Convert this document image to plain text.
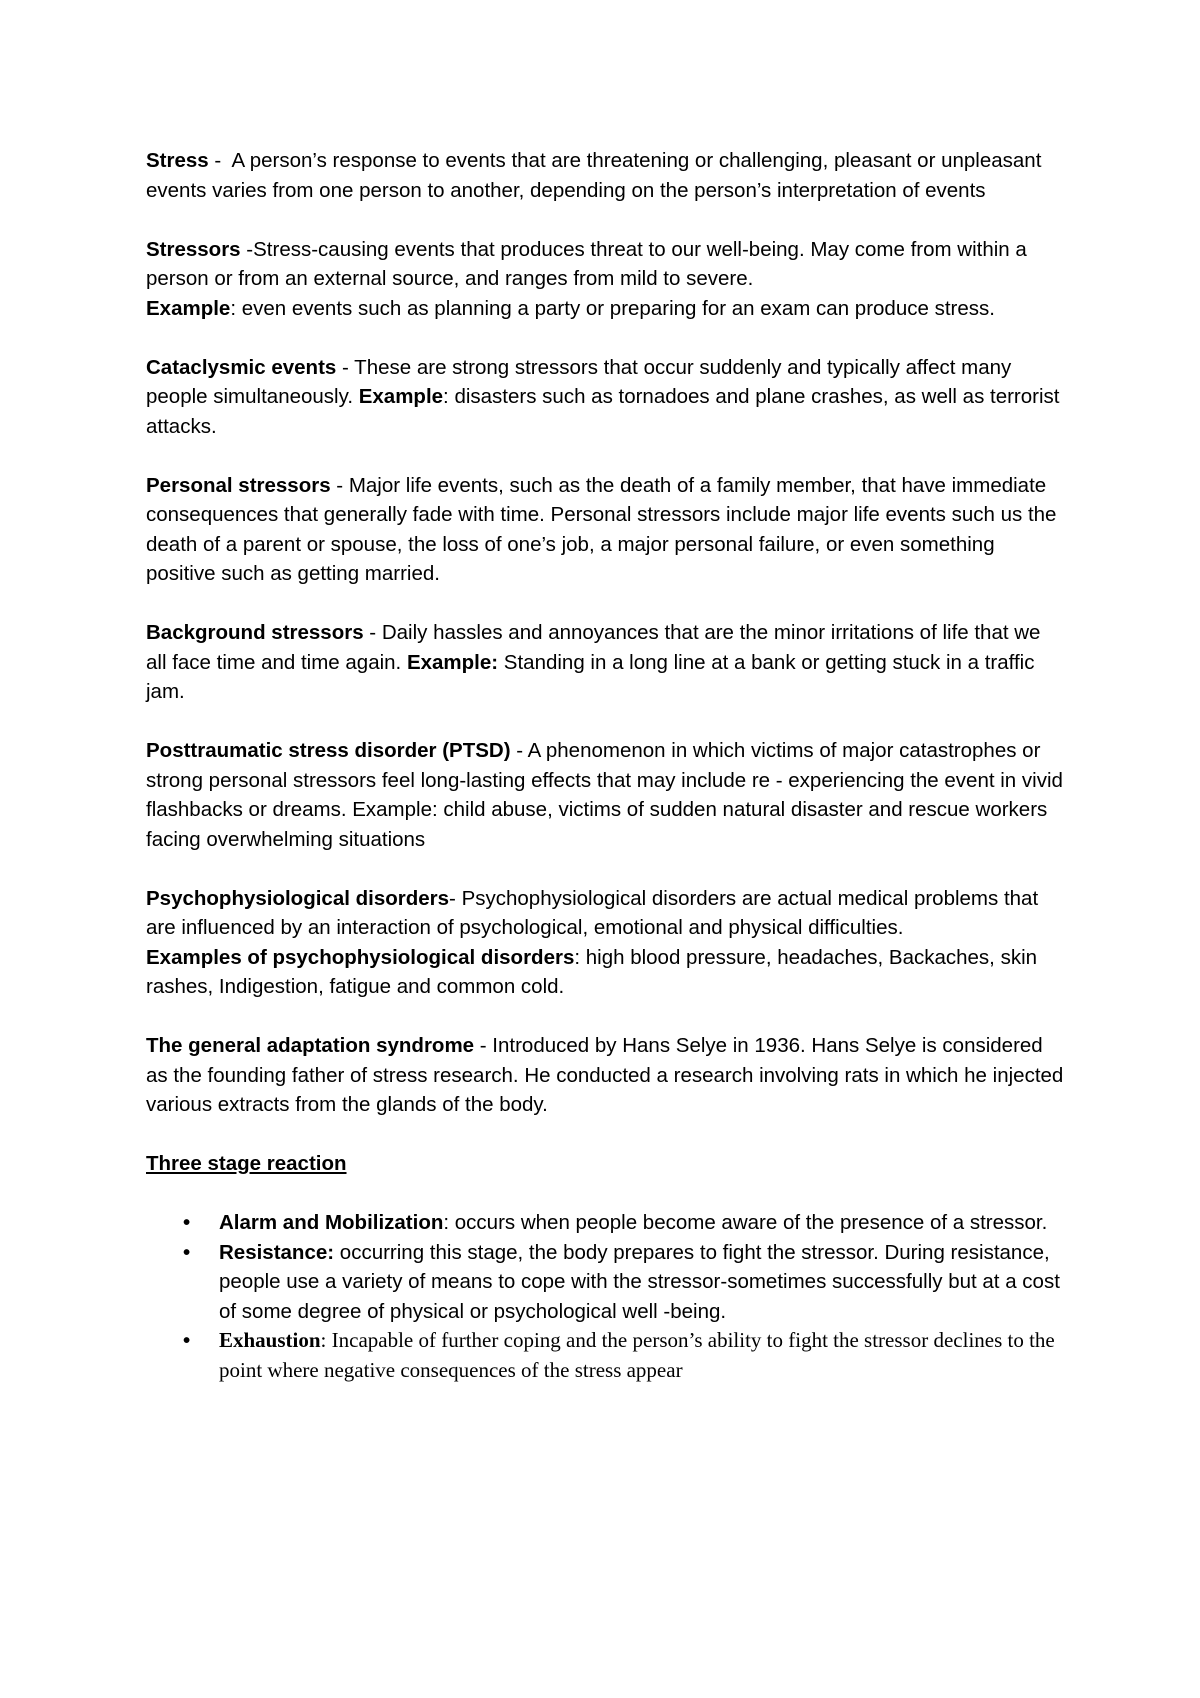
Stress -  A person’s response to events that are threatening or challenging, pleasant or unpleasant events varies from one person to another, depending on the person’s interpretation of events

Stressors -Stress-causing events that produces threat to our well-being. May come from within a person or from an external source, and ranges from mild to severe.
Example: even events such as planning a party or preparing for an exam can produce stress.

Cataclysmic events - These are strong stressors that occur suddenly and typically affect many people simultaneously. Example: disasters such as tornadoes and plane crashes, as well as terrorist attacks.

Personal stressors - Major life events, such as the death of a family member, that have immediate consequences that generally fade with time. Personal stressors include major life events such us the death of a parent or spouse, the loss of one’s job, a major personal failure, or even something positive such as getting married.

Background stressors - Daily hassles and annoyances that are the minor irritations of life that we all face time and time again. Example: Standing in a long line at a bank or getting stuck in a traffic jam.

Posttraumatic stress disorder (PTSD) - A phenomenon in which victims of major catastrophes or strong personal stressors feel long-lasting effects that may include re - experiencing the event in vivid flashbacks or dreams. Example: child abuse, victims of sudden natural disaster and rescue workers facing overwhelming situations

Psychophysiological disorders- Psychophysiological disorders are actual medical problems that are influenced by an interaction of psychological, emotional and physical difficulties.
Examples of psychophysiological disorders: high blood pressure, headaches, Backaches, skin rashes, Indigestion, fatigue and common cold.

The general adaptation syndrome - Introduced by Hans Selye in 1936. Hans Selye is considered as the founding father of stress research. He conducted a research involving rats in which he injected various extracts from the glands of the body.

Three stage reaction

• Alarm and Mobilization: occurs when people become aware of the presence of a stressor.
• Resistance: occurring this stage, the body prepares to fight the stressor. During resistance, people use a variety of means to cope with the stressor-sometimes successfully but at a cost of some degree of physical or psychological well -being.
• Exhaustion: Incapable of further coping and the person’s ability to fight the stressor declines to the point where negative consequences of the stress appear
